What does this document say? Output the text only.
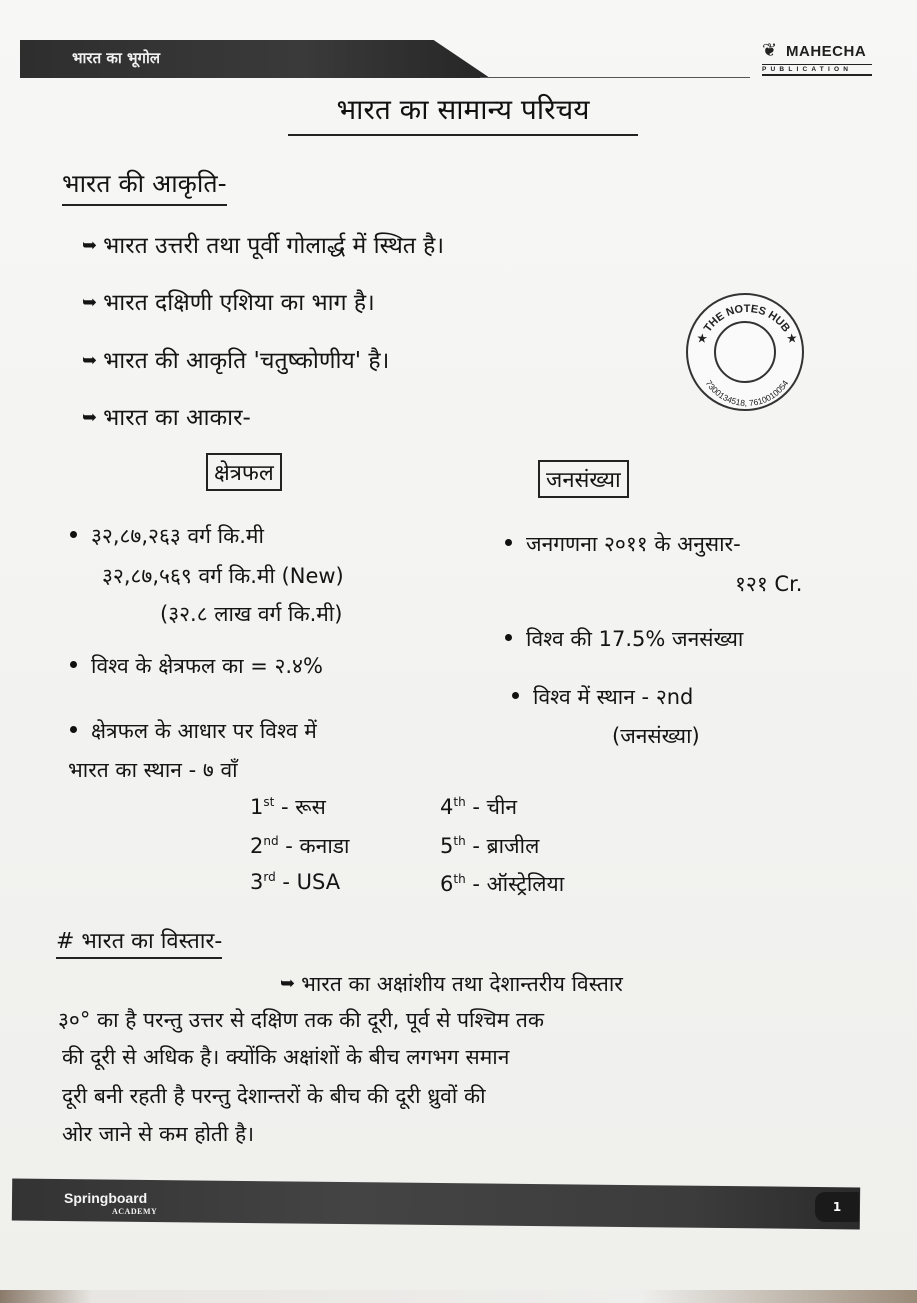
भारत का भूगोल	❦ MAHECHA
PUBLICATION
भारत का सामान्य परिचय
भारत की आकृति-
➥ भारत उत्तरी तथा पूर्वी गोलार्द्ध में स्थित है।
➥ भारत दक्षिणी एशिया का भाग है।
➥ भारत की आकृति 'चतुष्कोणीय' है।
➥ भारत का आकार-
★ THE NOTES HUB ★
7300134518, 7610010054
क्षेत्रफल
३२,८७,२६३ वर्ग कि.मी
३२,८७,५६९ वर्ग कि.मी (New)
(३२.८ लाख वर्ग कि.मी)
विश्व के क्षेत्रफल का = २.४%
क्षेत्रफल के आधार पर विश्व में
भारत का स्थान - ७ वाँ
1st - रूस
2nd - कनाडा
3rd - USA
4th - चीन
5th - ब्राजील
6th - ऑस्ट्रेलिया
जनसंख्या
जनगणना २०११ के अनुसार-
१२१ Cr.
विश्व की 17.5% जनसंख्या
विश्व में स्थान - २nd
(जनसंख्या)
# भारत का विस्तार-
➥ भारत का अक्षांशीय तथा देशान्तरीय विस्तार
३०° का है परन्तु उत्तर से दक्षिण तक की दूरी, पूर्व से पश्चिम तक
की दूरी से अधिक है। क्योंकि अक्षांशों के बीच लगभग समान
दूरी बनी रहती है परन्तु देशान्तरों के बीच की दूरी ध्रुवों की
ओर जाने से कम होती है।
Springboard
ACADEMY	1
